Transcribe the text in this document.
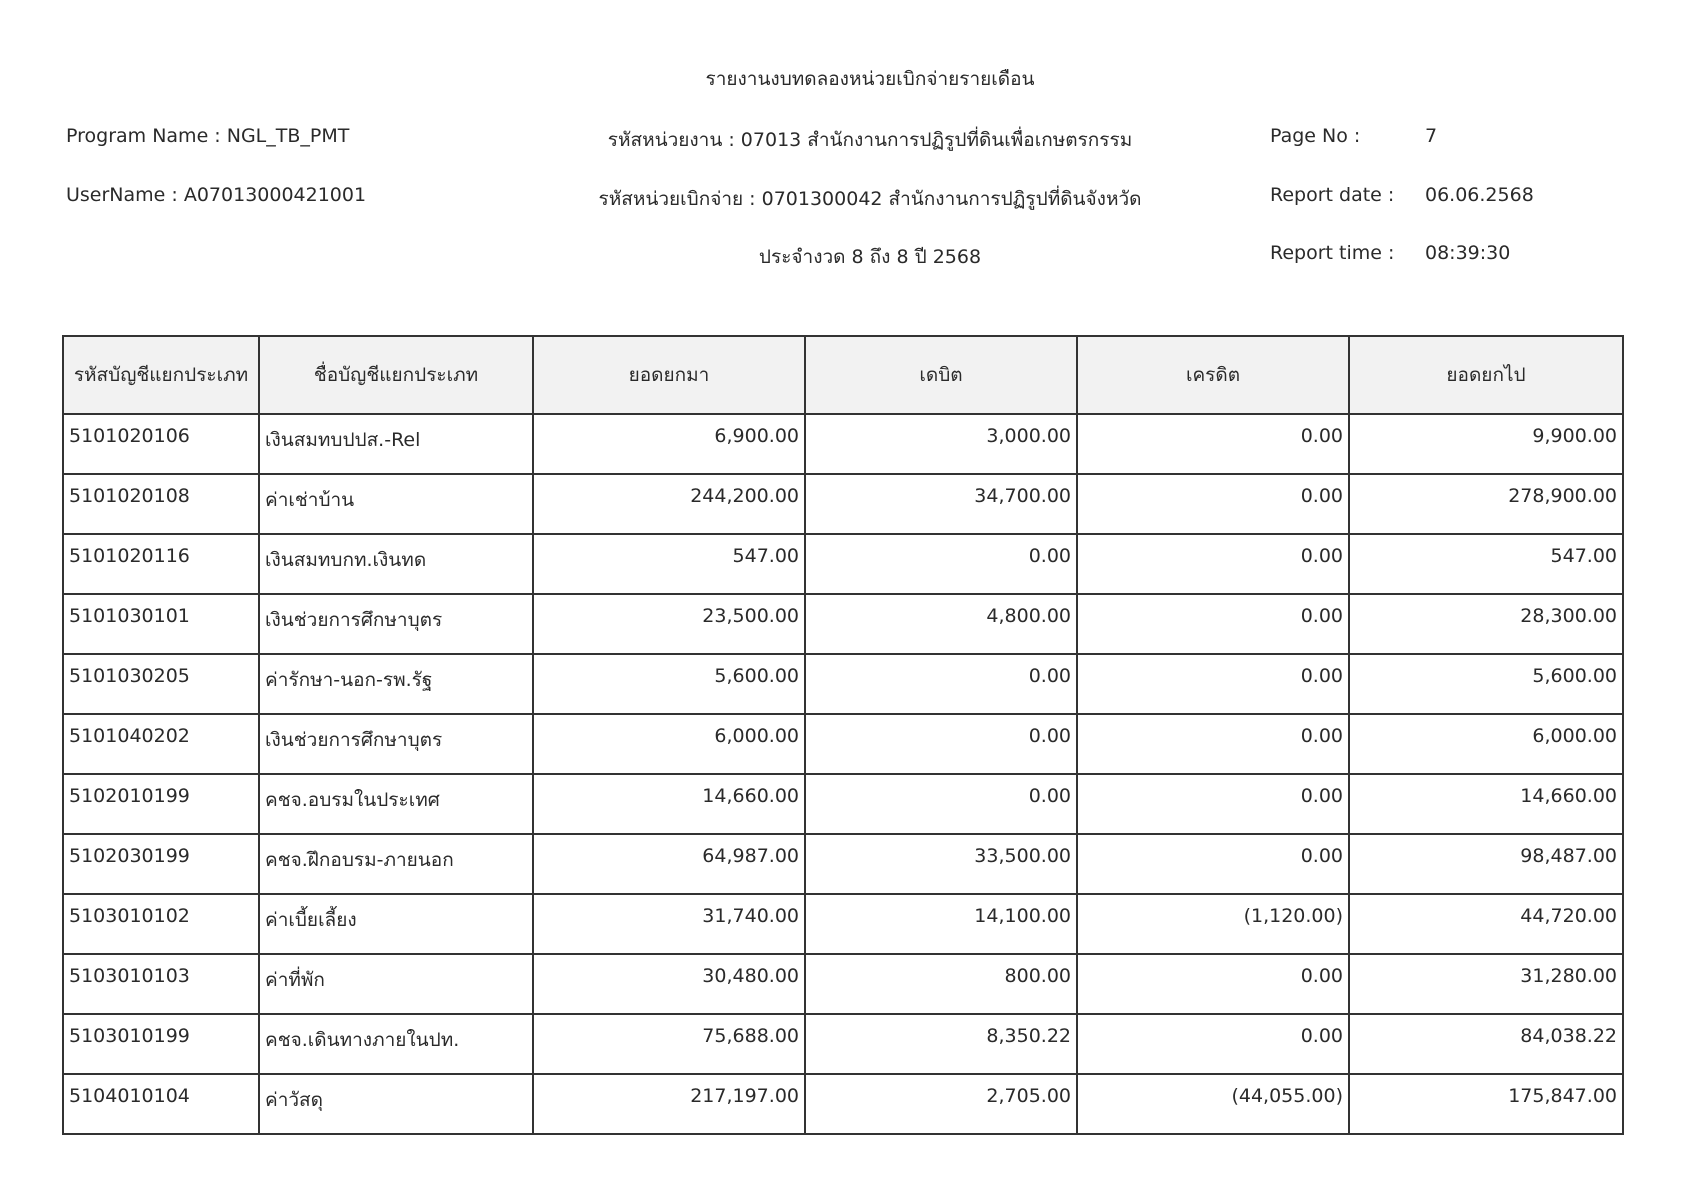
รายงานงบทดลองหน่วยเบิกจ่ายรายเดือน
Program Name : NGL_TB_PMT
UserName : A07013000421001
รหัสหน่วยงาน : 07013 สำนักงานการปฏิรูปที่ดินเพื่อเกษตรกรรม
รหัสหน่วยเบิกจ่าย : 0701300042 สำนักงานการปฏิรูปที่ดินจังหวัด
ประจำงวด 8 ถึง 8 ปี 2568
Page No :	7
Report date : 06.06.2568
Report time : 08:39:30
รหัสบัญชีแยกประเภท	ชื่อบัญชีแยกประเภท	ยอดยกมา	เดบิต	เครดิต	ยอดยกไป
5101020106	เงินสมทบปปส.-Rel	6,900.00	3,000.00	0.00	9,900.00
5101020108	ค่าเช่าบ้าน	244,200.00	34,700.00	0.00	278,900.00
5101020116	เงินสมทบกท.เงินทด	547.00	0.00	0.00	547.00
5101030101	เงินช่วยการศึกษาบุตร	23,500.00	4,800.00	0.00	28,300.00
5101030205	ค่ารักษา-นอก-รพ.รัฐ	5,600.00	0.00	0.00	5,600.00
5101040202	เงินช่วยการศึกษาบุตร	6,000.00	0.00	0.00	6,000.00
5102010199	คชจ.อบรมในประเทศ	14,660.00	0.00	0.00	14,660.00
5102030199	คชจ.ฝึกอบรม-ภายนอก	64,987.00	33,500.00	0.00	98,487.00
5103010102	ค่าเบี้ยเลี้ยง	31,740.00	14,100.00	(1,120.00)	44,720.00
5103010103	ค่าที่พัก	30,480.00	800.00	0.00	31,280.00
5103010199	คชจ.เดินทางภายในปท.	75,688.00	8,350.22	0.00	84,038.22
5104010104	ค่าวัสดุ	217,197.00	2,705.00	(44,055.00)	175,847.00
